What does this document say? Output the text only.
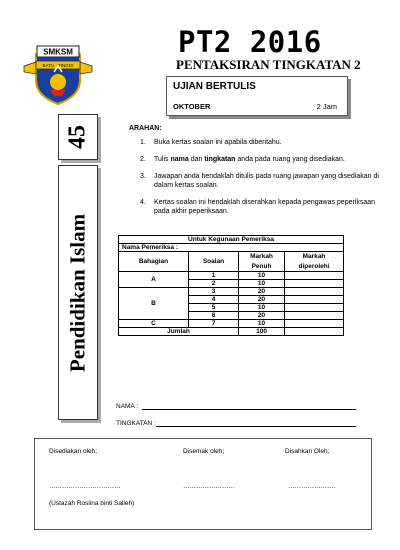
SMKSM
BATU · TINGGI
PT2 2016
PENTAKSIRAN TINGKATAN 2
UJIAN BERTULIS
OKTOBER	2 Jam
45
Pendidikan Islam
ARAHAN:
1. Buka kertas soalan ini apabila diberitahu.
2. Tulis nama dan tingkatan anda pada ruang yang disediakan.
3. Jawapan anda hendaklah ditulis pada ruang jawapan yang disediakan di dalam kertas soalan.
4. Kertas soalan ini hendaklah diserahkan kepada pengawas peperiksaan pada akhir peperiksaan.
Untuk Kegunaan Pemeriksa			
Nama Pemeriksa :			
Bahagian	Soalan	Markah	Markah
		Penuh	diperolehi
A	1	10	
	2	10	
B	3	20	
	4	20	
	5	10	
	6	20	
C	7	10	
Jumlah		100	
NAMA :
TINGKATAN :
Disediakan oleh;	Disemak oleh;	Disahkan Oleh;
……………………………	……………………	………………….
(Ustazah Roslina binti Salleh)
